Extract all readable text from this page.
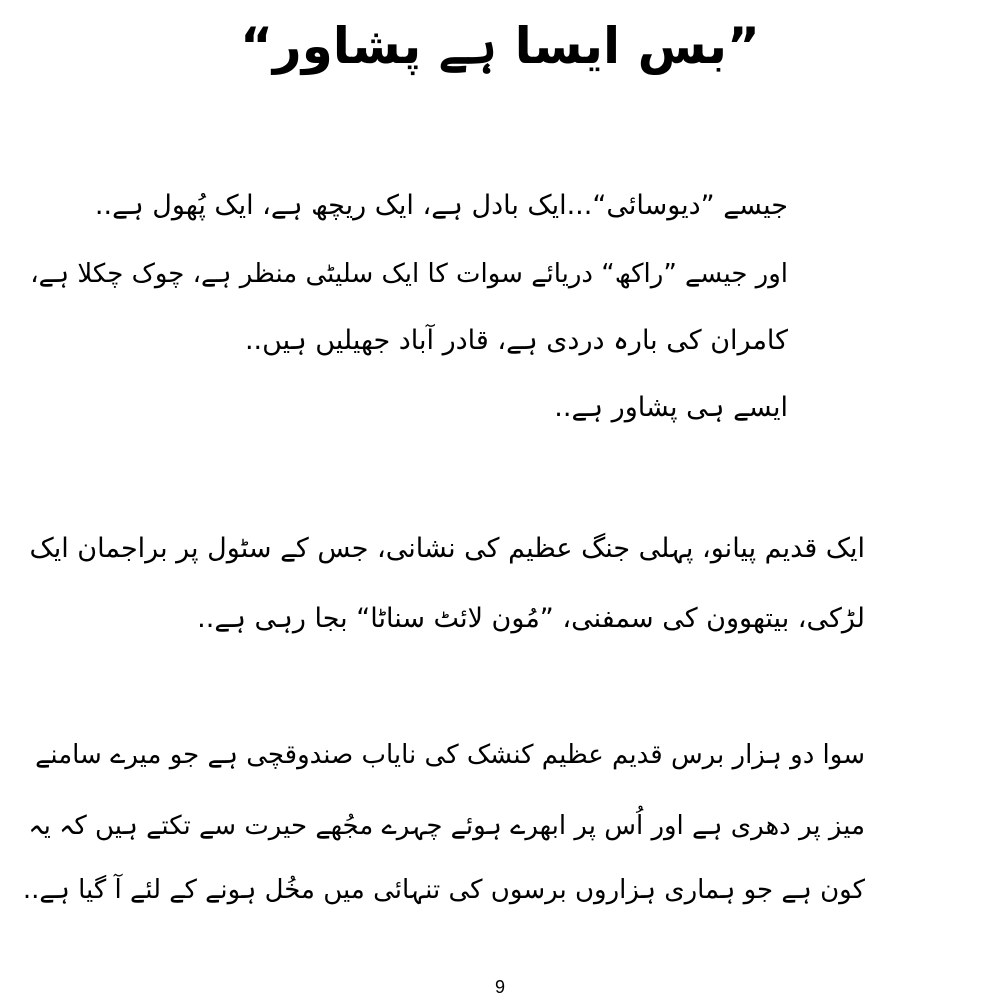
”بس ایسا ہے پشاور“
جیسے ”دیوسائی“...ایک بادل ہے، ایک ریچھ ہے، ایک پُھول ہے..
اور جیسے ”راکھ“ دریائے سوات کا ایک سلیٹی منظر ہے، چوک چکلا ہے،
کامران کی بارہ دردی ہے، قادر آباد جھیلیں ہیں..
ایسے ہی پشاور ہے..
ایک قدیم پیانو، پہلی جنگ عظیم کی نشانی، جس کے سٹول پر براجمان ایک
لڑکی، بیتھوون کی سمفنی، ”مُون لائٹ سناٹا“ بجا رہی ہے..
سوا دو ہزار برس قدیم عظیم کنشک کی نایاب صندوقچی ہے جو میرے سامنے
میز پر دھری ہے اور اُس پر ابھرے ہوئے چہرے مجُھے حیرت سے تکتے ہیں کہ یہ
کون ہے جو ہماری ہزاروں برسوں کی تنہائی میں مخُل ہونے کے لئے آ گیا ہے..
9
